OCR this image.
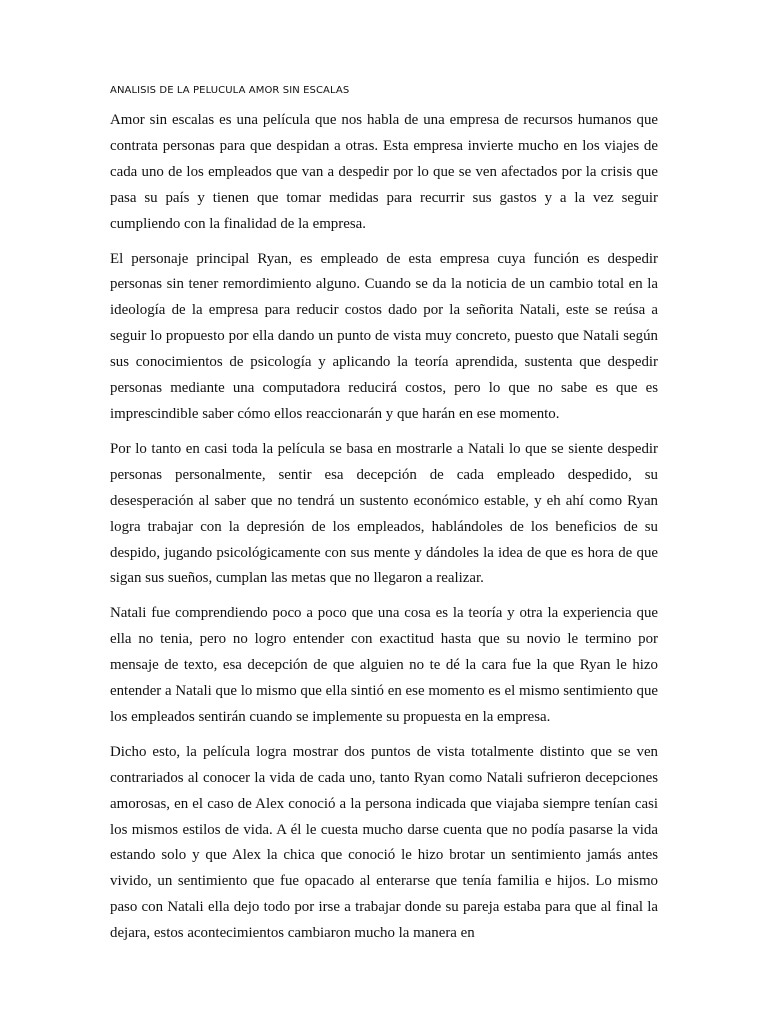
ANALISIS DE LA PELUCULA AMOR SIN ESCALAS

Amor sin escalas es una película que nos habla de una empresa de recursos humanos que contrata personas para que despidan a otras. Esta empresa invierte mucho en los viajes de cada uno de los empleados que van a despedir por lo que se ven afectados por la crisis que pasa su país y tienen que tomar medidas para recurrir sus gastos y a la vez seguir cumpliendo con la finalidad de la empresa.

El personaje principal Ryan, es empleado de esta empresa cuya función es despedir personas sin tener remordimiento alguno. Cuando se da la noticia de un cambio total en la ideología de la empresa para reducir costos dado por la señorita Natali, este se reúsa a seguir lo propuesto por ella dando un punto de vista muy concreto, puesto que Natali según sus conocimientos de psicología y aplicando la teoría aprendida, sustenta que despedir personas mediante una computadora reducirá costos, pero lo que no sabe es que es imprescindible saber cómo ellos reaccionarán y que harán en ese momento.

Por lo tanto en casi toda la película se basa en mostrarle a Natali lo que se siente despedir personas personalmente, sentir esa decepción de cada empleado despedido, su desesperación al saber que no tendrá un sustento económico estable, y eh ahí como Ryan logra trabajar con la depresión de los empleados, hablándoles de los beneficios de su despido, jugando psicológicamente con sus mente y dándoles la idea de que es hora de que sigan sus sueños, cumplan las metas que no llegaron a realizar.

Natali fue comprendiendo poco a poco que una cosa es la teoría y otra la experiencia que ella no tenia, pero no logro entender con exactitud hasta que su novio le termino por mensaje de texto, esa decepción de que alguien no te dé la cara fue la que Ryan le hizo entender a Natali que lo mismo que ella sintió en ese momento es el mismo sentimiento que los empleados sentirán cuando se implemente su propuesta en la empresa.

Dicho esto, la película logra mostrar dos puntos de vista totalmente distinto que se ven contrariados al conocer la vida de cada uno, tanto Ryan como Natali sufrieron decepciones amorosas, en el caso de Alex conoció a la persona indicada que viajaba siempre tenían casi los mismos estilos de vida. A él le cuesta mucho darse cuenta que no podía pasarse la vida estando solo y que Alex la chica que conoció le hizo brotar un sentimiento jamás antes vivido, un sentimiento que fue opacado al enterarse que tenía familia e hijos. Lo mismo paso con Natali ella dejo todo por irse a trabajar donde su pareja estaba para que al final la dejara, estos acontecimientos cambiaron mucho la manera en
